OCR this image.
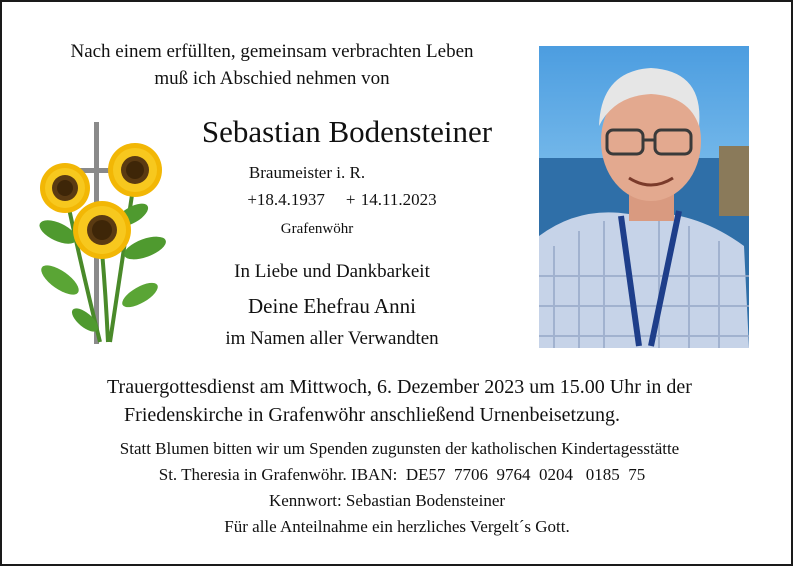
Nach einem erfüllten, gemeinsam verbrachten Leben
muß ich Abschied nehmen von
Sebastian Bodensteiner
Braumeister i. R.
+18.4.1937    + 14.11.2023
Grafenwöhr
In Liebe und Dankbarkeit
Deine Ehefrau Anni
im Namen aller Verwandten
Trauergottesdienst am Mittwoch, 6. Dezember 2023 um 15.00 Uhr in der
Friedenskirche in Grafenwöhr anschließend Urnenbeisetzung.
Statt Blumen bitten wir um Spenden zugunsten der katholischen Kindertagesstätte
St. Theresia in Grafenwöhr. IBAN:  DE57  7706  9764  0204   0185  75
Kennwort: Sebastian Bodensteiner
Für alle Anteilnahme ein herzliches Vergelt´s Gott.
